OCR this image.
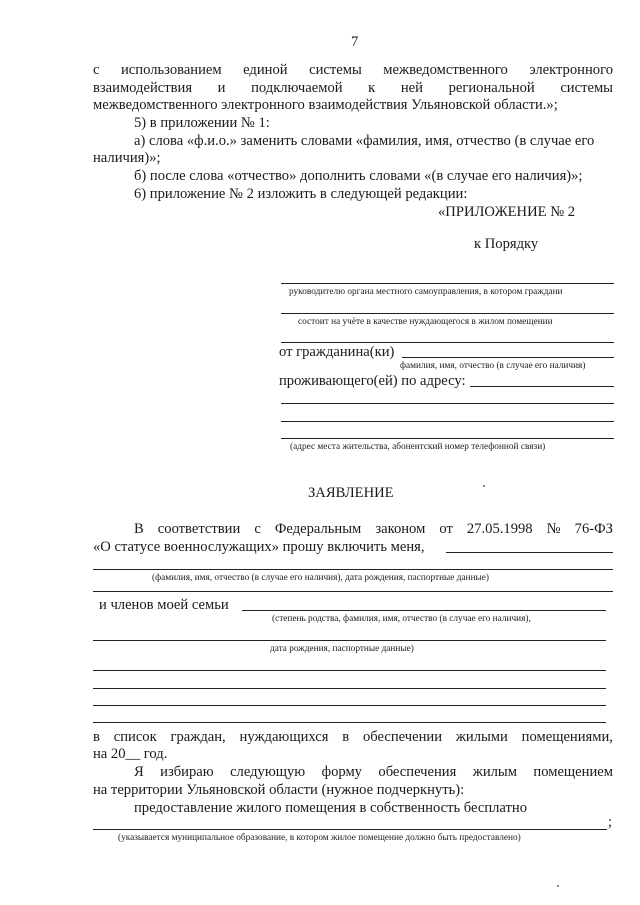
7
с использованием единой системы межведомственного электронного
взаимодействия и подключаемой к ней региональной системы
межведомственного электронного взаимодействия Ульяновской области.»;
5) в приложении № 1:
а) слова «ф.и.о.» заменить словами «фамилия, имя, отчество (в случае его
наличия)»;
б) после слова «отчество» дополнить словами «(в случае его наличия)»;
6) приложение № 2 изложить в следующей редакции:
«ПРИЛОЖЕНИЕ № 2
к Порядку
руководителю органа местного самоуправления, в котором граждани
состоит на учёте в качестве нуждающегося в жилом помещении
от гражданина(ки)
фамилия, имя, отчество (в случае его наличия)
проживающего(ей) по адресу:
(адрес места жительства, абонентский номер телефонной связи)
ЗАЯВЛЕНИЕ
В соответствии с Федеральным законом от 27.05.1998 № 76-ФЗ
«О статусе военнослужащих» прошу включить меня,
(фамилия, имя, отчество (в случае его наличия), дата рождения, паспортные данные)
и членов моей семьи
(степень родства, фамилия, имя, отчество (в случае его наличия),
дата рождения, паспортные данные)
в список граждан, нуждающихся в обеспечении жилыми помещениями,
на 20__ год.
Я избираю следующую форму обеспечения жилым помещением
на территории Ульяновской области (нужное подчеркнуть):
предоставление жилого помещения в собственность бесплатно
;
(указывается муниципальное образование, в котором жилое помещение должно быть предоставлено)
